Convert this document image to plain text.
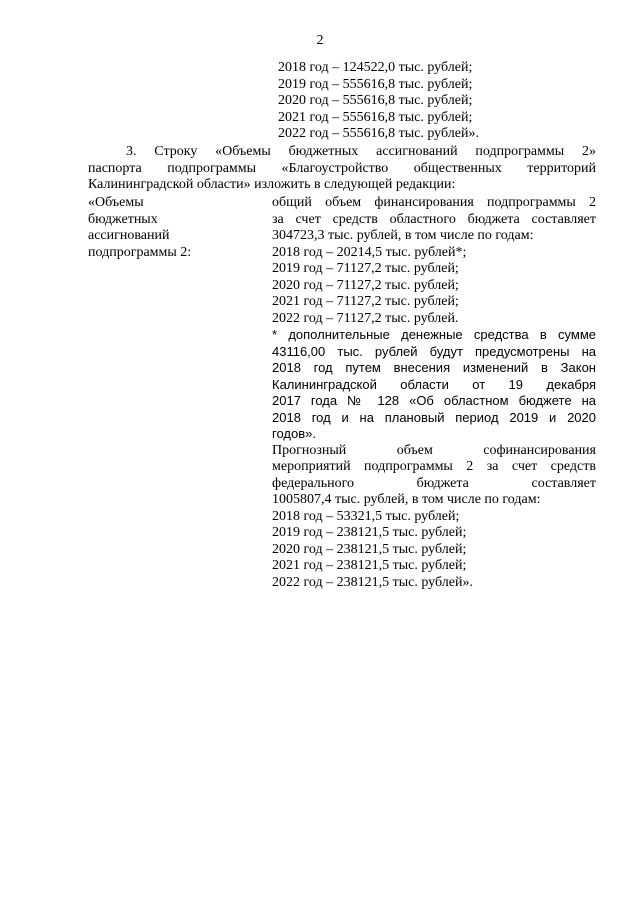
2
2018 год – 124522,0 тыс. рублей;
2019 год – 555616,8 тыс. рублей;
2020 год – 555616,8 тыс. рублей;
2021 год – 555616,8 тыс. рублей;
2022 год – 555616,8 тыс. рублей».
3. Строку «Объемы бюджетных ассигнований подпрограммы 2»
паспорта подпрограммы «Благоустройство общественных территорий
Калининградской области» изложить в следующей редакции:
«Объемы
бюджетных
ассигнований
подпрограммы 2:
общий объем финансирования подпрограммы 2
за счет средств областного бюджета составляет
304723,3 тыс. рублей, в том числе по годам:
2018 год – 20214,5 тыс. рублей*;
2019 год – 71127,2 тыс. рублей;
2020 год – 71127,2 тыс. рублей;
2021 год – 71127,2 тыс. рублей;
2022 год – 71127,2 тыс. рублей.
* дополнительные денежные средства в сумме
43116,00 тыс. рублей будут предусмотрены на
2018 год путем внесения изменений в Закон
Калининградской области от 19 декабря
2017 года № 128 «Об областном бюджете на
2018 год и на плановый период 2019 и 2020
годов».
Прогнозный объем софинансирования
мероприятий подпрограммы 2 за счет средств
федерального бюджета составляет
1005807,4 тыс. рублей, в том числе по годам:
2018 год – 53321,5 тыс. рублей;
2019 год – 238121,5 тыс. рублей;
2020 год – 238121,5 тыс. рублей;
2021 год – 238121,5 тыс. рублей;
2022 год – 238121,5 тыс. рублей».
